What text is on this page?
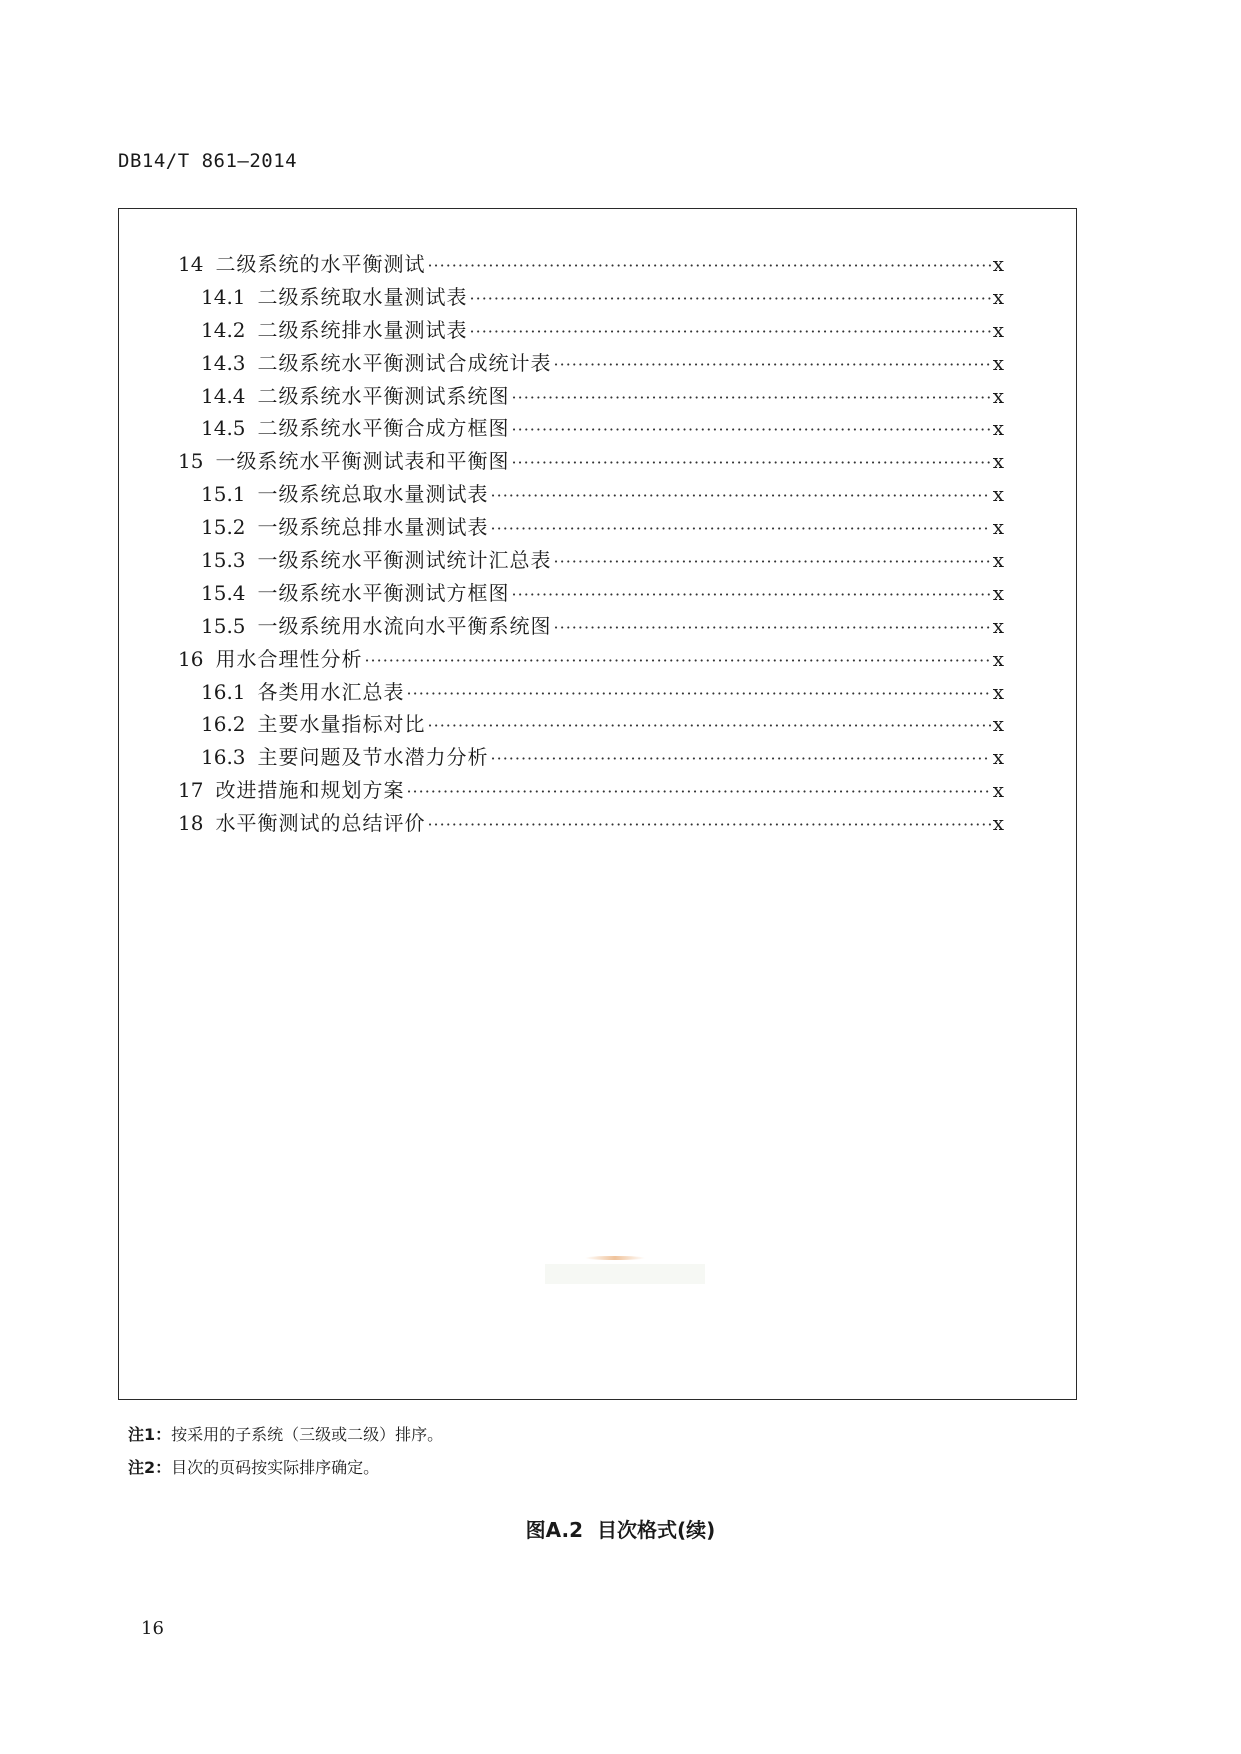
DB14/T 861—2014
14 二级系统的水平衡测试 ·····	x
14.1 二级系统取水量测试表 ·····	x
14.2 二级系统排水量测试表 ·····	x
14.3 二级系统水平衡测试合成统计表 ·····	x
14.4 二级系统水平衡测试系统图 ·····	x
14.5 二级系统水平衡合成方框图 ·····	x
15 一级系统水平衡测试表和平衡图 ·····	x
15.1 一级系统总取水量测试表 ·····	x
15.2 一级系统总排水量测试表 ·····	x
15.3 一级系统水平衡测试统计汇总表 ·····	x
15.4 一级系统水平衡测试方框图 ·····	x
15.5 一级系统用水流向水平衡系统图 ·····	x
16 用水合理性分析 ·····	x
16.1 各类用水汇总表 ·····	x
16.2 主要水量指标对比 ·····	x
16.3 主要问题及节水潜力分析 ·····	x
17 改进措施和规划方案 ·····	x
18 水平衡测试的总结评价 ·····	x
注1：按采用的子系统（三级或二级）排序。
注2：目次的页码按实际排序确定。
图A.2 目次格式(续)
16
